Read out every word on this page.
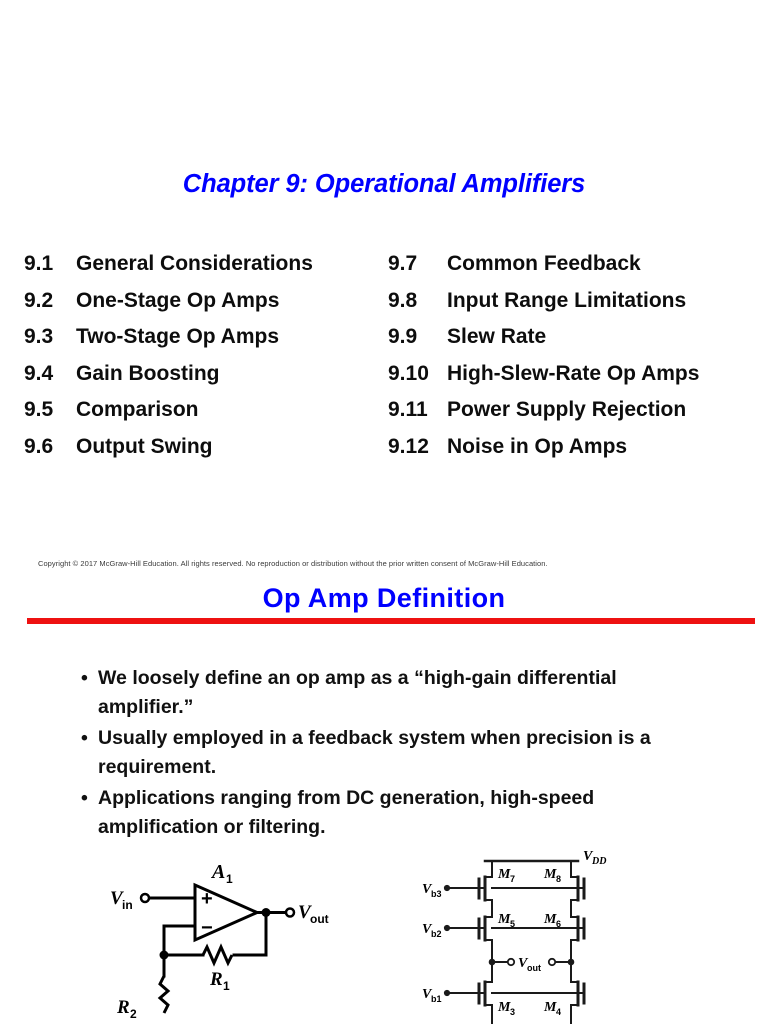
Chapter 9: Operational Amplifiers
9.1	General Considerations
9.2	One-Stage Op Amps
9.3	Two-Stage Op Amps
9.4	Gain Boosting
9.5	Comparison
9.6	Output Swing
9.7	Common Feedback
9.8	Input Range Limitations
9.9	Slew Rate
9.10 High-Slew-Rate Op Amps
9.11 Power Supply Rejection
9.12 Noise in Op Amps
Copyright © 2017 McGraw-Hill Education. All rights reserved. No reproduction or distribution without the prior written consent of McGraw-Hill Education.
Op Amp Definition
• We loosely define an op amp as a “high-gain differential amplifier.”
• Usually employed in a feedback system when precision is a requirement.
• Applications ranging from DC generation, high-speed amplification or filtering.
V in	V out
A 1
+
−
R 1
R 2
V DD
V b3
V b2
V b1
V out
M 7 M 8
M 5 M 6
M 3 M 4
